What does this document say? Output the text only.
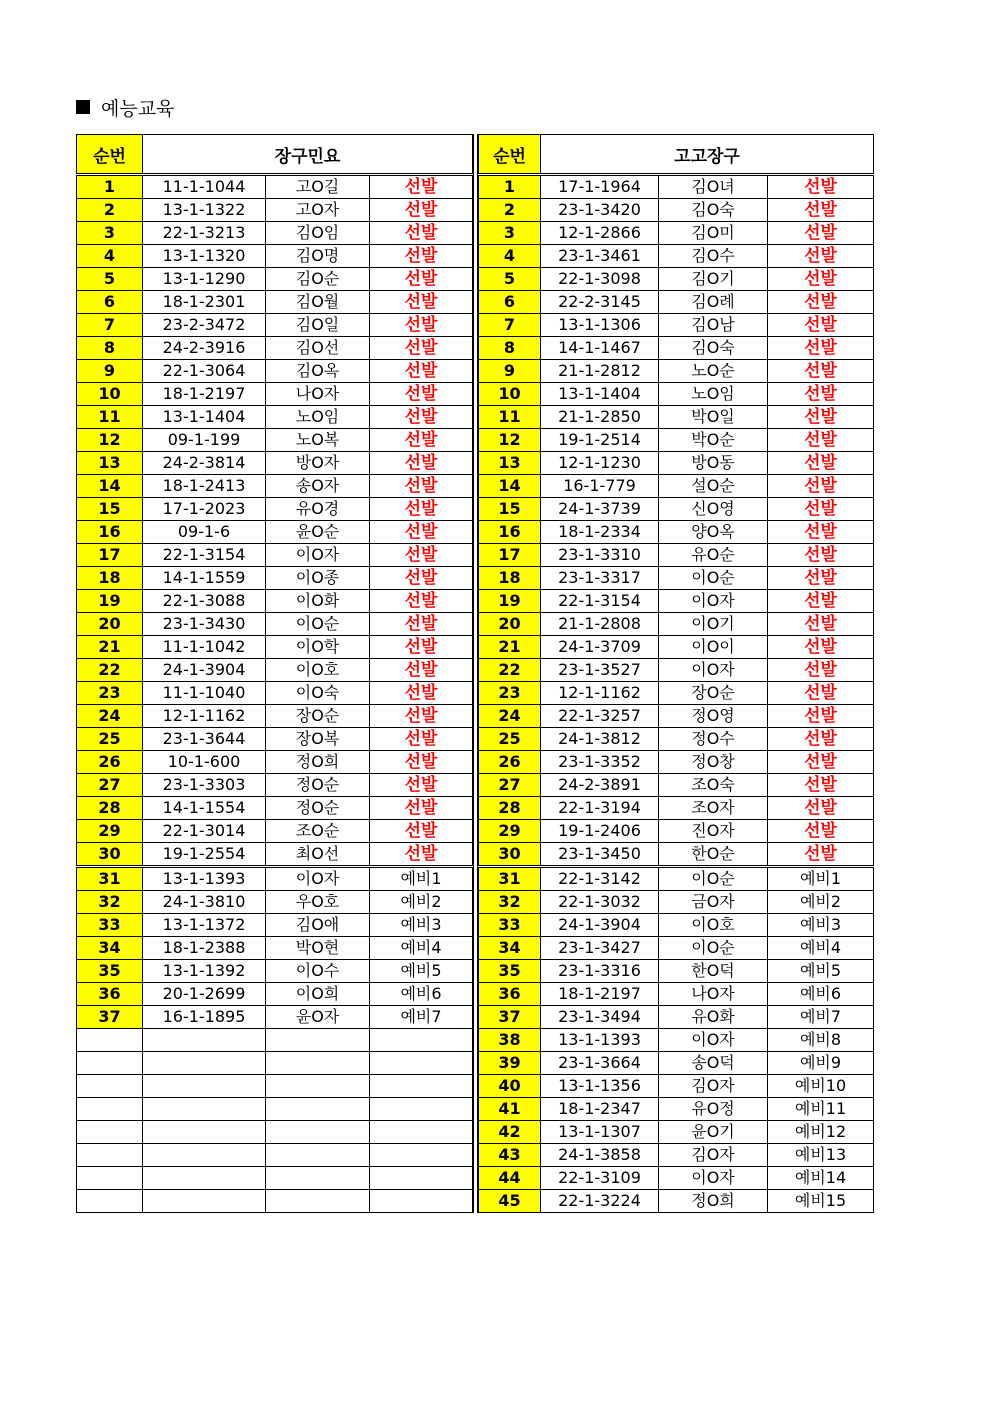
예능교육
순번	장구민요		
1	11-1-1044	고O길	선발
2	13-1-1322	고O자	선발
3	22-1-3213	김O임	선발
4	13-1-1320	김O명	선발
5	13-1-1290	김O순	선발
6	18-1-2301	김O월	선발
7	23-2-3472	김O일	선발
8	24-2-3916	김O선	선발
9	22-1-3064	김O옥	선발
10	18-1-2197	나O자	선발
11	13-1-1404	노O임	선발
12	09-1-199	노O복	선발
13	24-2-3814	방O자	선발
14	18-1-2413	송O자	선발
15	17-1-2023	유O경	선발
16	09-1-6	윤O순	선발
17	22-1-3154	이O자	선발
18	14-1-1559	이O종	선발
19	22-1-3088	이O화	선발
20	23-1-3430	이O순	선발
21	11-1-1042	이O학	선발
22	24-1-3904	이O호	선발
23	11-1-1040	이O숙	선발
24	12-1-1162	장O순	선발
25	23-1-3644	장O복	선발
26	10-1-600	정O희	선발
27	23-1-3303	정O순	선발
28	14-1-1554	정O순	선발
29	22-1-3014	조O순	선발
30	19-1-2554	최O선	선발
31	13-1-1393	이O자	예비1
32	24-1-3810	우O호	예비2
33	13-1-1372	김O애	예비3
34	18-1-2388	박O현	예비4
35	13-1-1392	이O수	예비5
36	20-1-2699	이O희	예비6
37	16-1-1895	윤O자	예비7

순번	고고장구		
1	17-1-1964	김O녀	선발
2	23-1-3420	김O숙	선발
3	12-1-2866	김O미	선발
4	23-1-3461	김O수	선발
5	22-1-3098	김O기	선발
6	22-2-3145	김O례	선발
7	13-1-1306	김O남	선발
8	14-1-1467	김O숙	선발
9	21-1-2812	노O순	선발
10	13-1-1404	노O임	선발
11	21-1-2850	박O일	선발
12	19-1-2514	박O순	선발
13	12-1-1230	방O동	선발
14	16-1-779	설O순	선발
15	24-1-3739	신O영	선발
16	18-1-2334	양O옥	선발
17	23-1-3310	유O순	선발
18	23-1-3317	이O순	선발
19	22-1-3154	이O자	선발
20	21-1-2808	이O기	선발
21	24-1-3709	이O이	선발
22	23-1-3527	이O자	선발
23	12-1-1162	장O순	선발
24	22-1-3257	정O영	선발
25	24-1-3812	정O수	선발
26	23-1-3352	정O창	선발
27	24-2-3891	조O숙	선발
28	22-1-3194	조O자	선발
29	19-1-2406	진O자	선발
30	23-1-3450	한O순	선발
31	22-1-3142	이O순	예비1
32	22-1-3032	금O자	예비2
33	24-1-3904	이O호	예비3
34	23-1-3427	이O순	예비4
35	23-1-3316	한O덕	예비5
36	18-1-2197	나O자	예비6
37	23-1-3494	유O화	예비7
38	13-1-1393	이O자	예비8
39	23-1-3664	송O덕	예비9
40	13-1-1356	김O자	예비10
41	18-1-2347	유O정	예비11
42	13-1-1307	윤O기	예비12
43	24-1-3858	김O자	예비13
44	22-1-3109	이O자	예비14
45	22-1-3224	정O희	예비15
